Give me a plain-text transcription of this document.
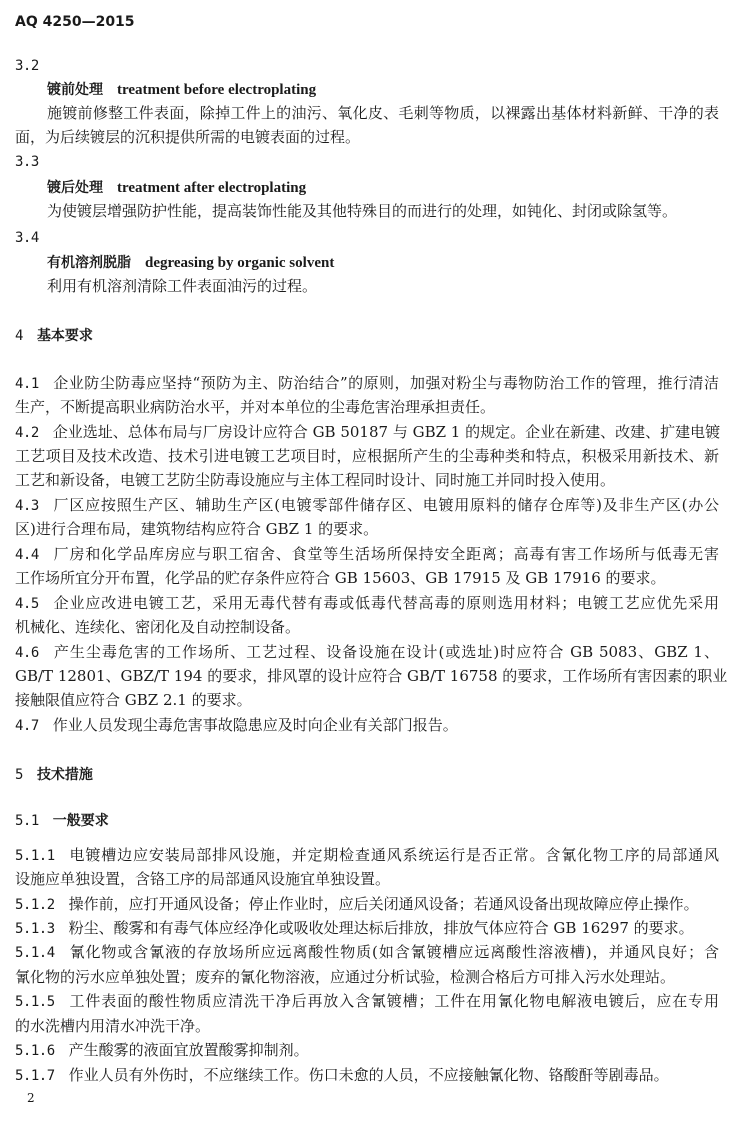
AQ 4250—2015
3.2
镀前处理 treatment before electroplating
施镀前修整工件表面，除掉工件上的油污、氧化皮、毛刺等物质，以裸露出基体材料新鲜、干净的表
面，为后续镀层的沉积提供所需的电镀表面的过程。
3.3
镀后处理 treatment after electroplating
为使镀层增强防护性能，提高装饰性能及其他特殊目的而进行的处理，如钝化、封闭或除氢等。
3.4
有机溶剂脱脂 degreasing by organic solvent
利用有机溶剂清除工件表面油污的过程。
4 基本要求
4.1 企业防尘防毒应坚持“预防为主、防治结合”的原则，加强对粉尘与毒物防治工作的管理，推行清洁
生产，不断提高职业病防治水平，并对本单位的尘毒危害治理承担责任。
4.2 企业选址、总体布局与厂房设计应符合 GB 50187 与 GBZ 1 的规定。企业在新建、改建、扩建电镀
工艺项目及技术改造、技术引进电镀工艺项目时，应根据所产生的尘毒种类和特点，积极采用新技术、新
工艺和新设备，电镀工艺防尘防毒设施应与主体工程同时设计、同时施工并同时投入使用。
4.3 厂区应按照生产区、辅助生产区(电镀零部件储存区、电镀用原料的储存仓库等)及非生产区(办公
区)进行合理布局，建筑物结构应符合 GBZ 1 的要求。
4.4 厂房和化学品库房应与职工宿舍、食堂等生活场所保持安全距离；高毒有害工作场所与低毒无害
工作场所宜分开布置，化学品的贮存条件应符合 GB 15603、GB 17915 及 GB 17916 的要求。
4.5 企业应改进电镀工艺，采用无毒代替有毒或低毒代替高毒的原则选用材料；电镀工艺应优先采用
机械化、连续化、密闭化及自动控制设备。
4.6 产生尘毒危害的工作场所、工艺过程、设备设施在设计(或选址)时应符合 GB 5083、GBZ 1、
GB/T 12801、GBZ/T 194 的要求，排风罩的设计应符合 GB/T 16758 的要求，工作场所有害因素的职业
接触限值应符合 GBZ 2.1 的要求。
4.7 作业人员发现尘毒危害事故隐患应及时向企业有关部门报告。
5 技术措施
5.1 一般要求
5.1.1 电镀槽边应安装局部排风设施，并定期检查通风系统运行是否正常。含氰化物工序的局部通风
设施应单独设置，含铬工序的局部通风设施宜单独设置。
5.1.2 操作前，应打开通风设备；停止作业时，应后关闭通风设备；若通风设备出现故障应停止操作。
5.1.3 粉尘、酸雾和有毒气体应经净化或吸收处理达标后排放，排放气体应符合 GB 16297 的要求。
5.1.4 氰化物或含氰液的存放场所应远离酸性物质(如含氰镀槽应远离酸性溶液槽)，并通风良好；含
氰化物的污水应单独处置；废弃的氰化物溶液，应通过分析试验，检测合格后方可排入污水处理站。
5.1.5 工件表面的酸性物质应清洗干净后再放入含氰镀槽；工件在用氰化物电解液电镀后，应在专用
的水洗槽内用清水冲洗干净。
5.1.6 产生酸雾的液面宜放置酸雾抑制剂。
5.1.7 作业人员有外伤时，不应继续工作。伤口未愈的人员，不应接触氰化物、铬酸酐等剧毒品。
2
